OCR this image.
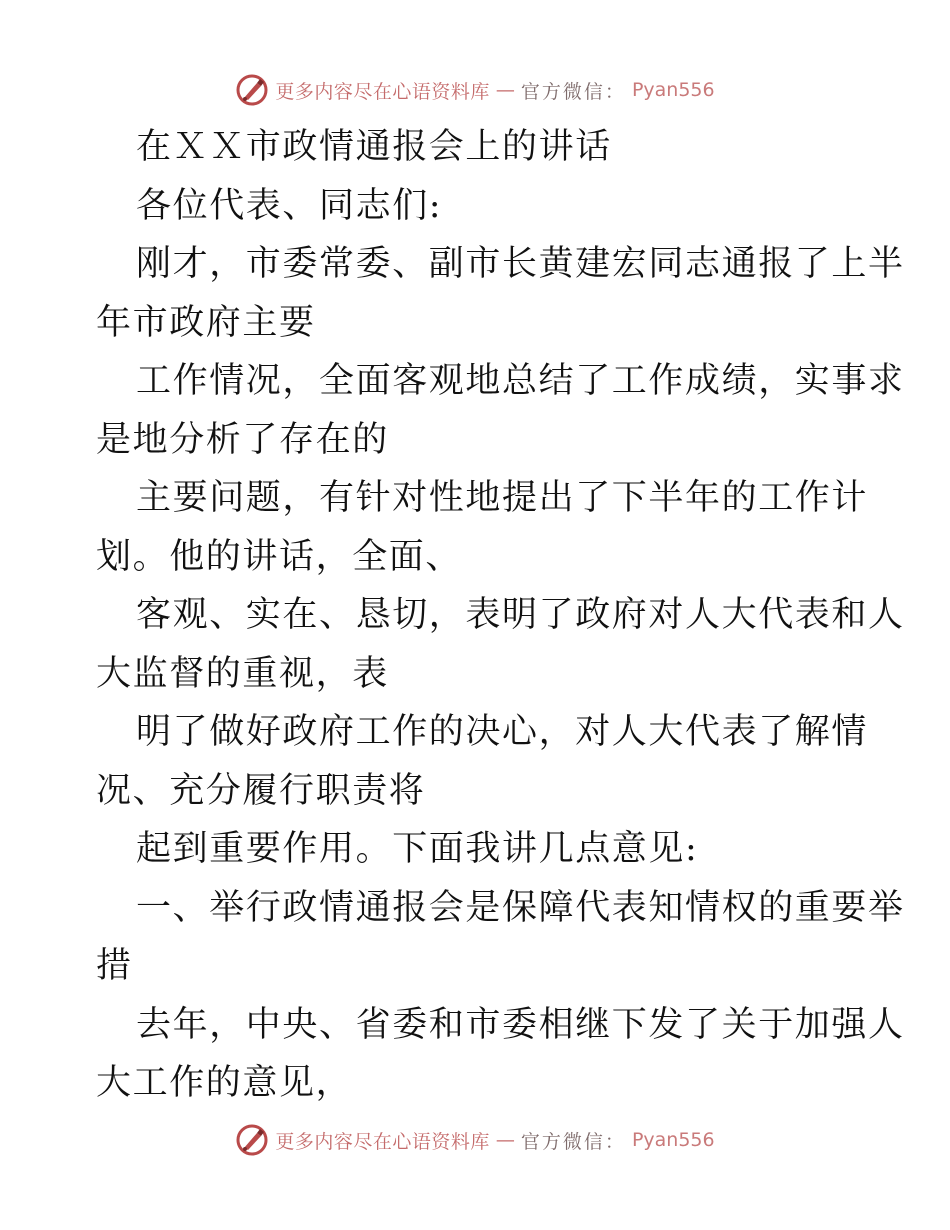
更多内容尽在心语资料库 — 官方微信： Pyan556
在ＸＸ市政情通报会上的讲话
各位代表、同志们:
刚才，市委常委、副市长黄建宏同志通报了上半
年市政府主要
工作情况，全面客观地总结了工作成绩，实事求
是地分析了存在的
主要问题，有针对性地提出了下半年的工作计
划。他的讲话，全面、
客观、实在、恳切，表明了政府对人大代表和人
大监督的重视，表
明了做好政府工作的决心，对人大代表了解情
况、充分履行职责将
起到重要作用。下面我讲几点意见:
一、举行政情通报会是保障代表知情权的重要举
措
去年，中央、省委和市委相继下发了关于加强人
大工作的意见，
更多内容尽在心语资料库 — 官方微信： Pyan556
